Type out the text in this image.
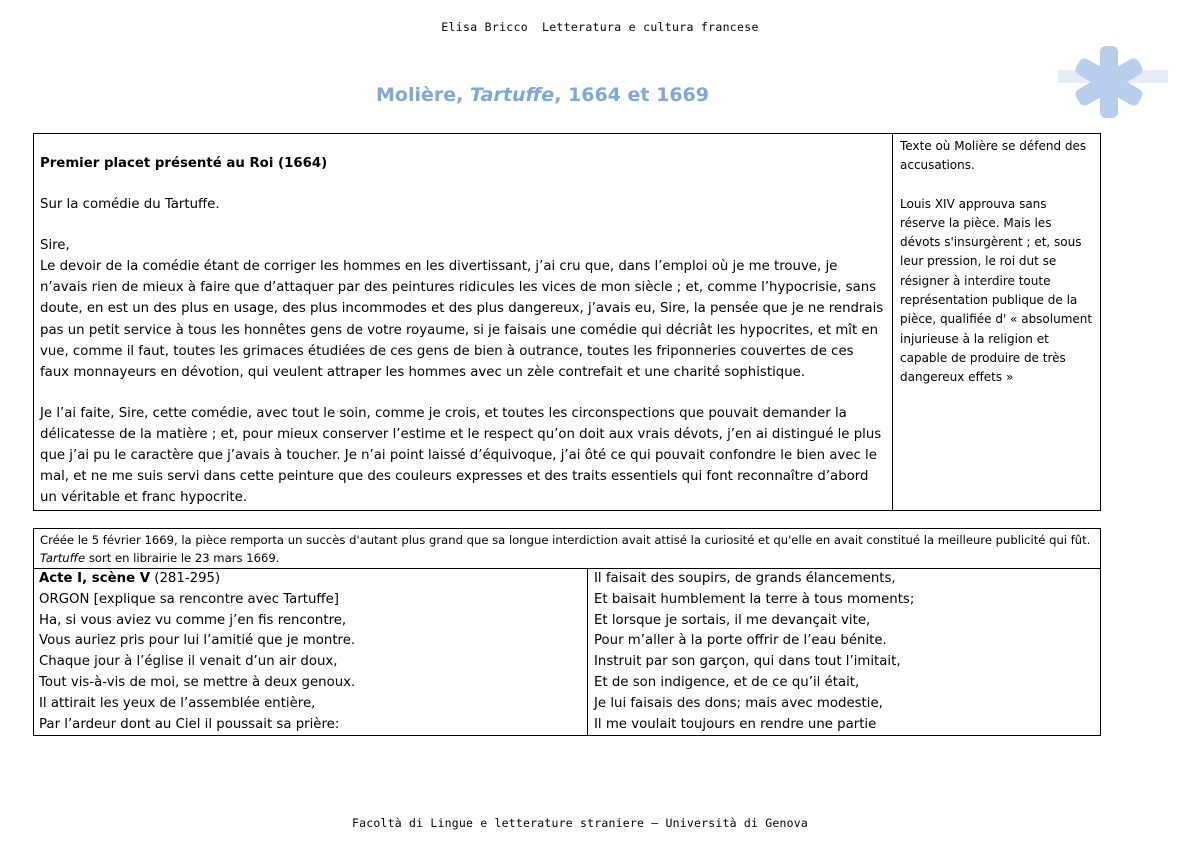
Elisa Bricco Letteratura e cultura francese
Molière, Tartuffe, 1664 et 1669

Premier placet présenté au Roi (1664)

Sur la comédie du Tartuffe.

Sire,

Le devoir de la comédie étant de corriger les hommes en les divertissant, j’ai cru que, dans l’emploi où je me trouve, je n’avais rien de mieux à faire que d’attaquer par des peintures ridicules les vices de mon siècle ; et, comme l’hypocrisie, sans doute, en est un des plus en usage, des plus incommodes et des plus dangereux, j’avais eu, Sire, la pensée que je ne rendrais pas un petit service à tous les honnêtes gens de votre royaume, si je faisais une comédie qui décriât les hypocrites, et mît en vue, comme il faut, toutes les grimaces étudiées de ces gens de bien à outrance, toutes les friponneries couvertes de ces faux monnayeurs en dévotion, qui veulent attraper les hommes avec un zèle contrefait et une charité sophistique.

Je l’ai faite, Sire, cette comédie, avec tout le soin, comme je crois, et toutes les circonspections que pouvait demander la délicatesse de la matière ; et, pour mieux conserver l’estime et le respect qu’on doit aux vrais dévots, j’en ai distingué le plus que j’ai pu le caractère que j’avais à toucher. Je n’ai point laissé d’équivoque, j’ai ôté ce qui pouvait confondre le bien avec le mal, et ne me suis servi dans cette peinture que des couleurs expresses et des traits essentiels qui font reconnaître d’abord un véritable et franc hypocrite.

Texte où Molière se défend des accusations.

Louis XIV approuva sans réserve la pièce. Mais les dévots s'insurgèrent ; et, sous leur pression, le roi dut se résigner à interdire toute représentation publique de la pièce, qualifiée d' « absolument injurieuse à la religion et capable de produire de très dangereux effets »

Créée le 5 février 1669, la pièce remporta un succès d'autant plus grand que sa longue interdiction avait attisé la curiosité et qu'elle en avait constitué la meilleure publicité qui fût. Tartuffe sort en librairie le 23 mars 1669.
Acte I, scène V (281-295)
ORGON [explique sa rencontre avec Tartuffe]
Ha, si vous aviez vu comme j’en fis rencontre,
Vous auriez pris pour lui l’amitié que je montre.
Chaque jour à l’église il venait d’un air doux,
Tout vis-à-vis de moi, se mettre à deux genoux.
Il attirait les yeux de l’assemblée entière,
Par l’ardeur dont au Ciel il poussait sa prière:

Il faisait des soupirs, de grands élancements,
Et baisait humblement la terre à tous moments;
Et lorsque je sortais, il me devançait vite,
Pour m’aller à la porte offrir de l’eau bénite.
Instruit par son garçon, qui dans tout l’imitait,
Et de son indigence, et de ce qu’il était,
Je lui faisais des dons; mais avec modestie,
Il me voulait toujours en rendre une partie
Facoltà di Lingue e letterature straniere – Università di Genova
